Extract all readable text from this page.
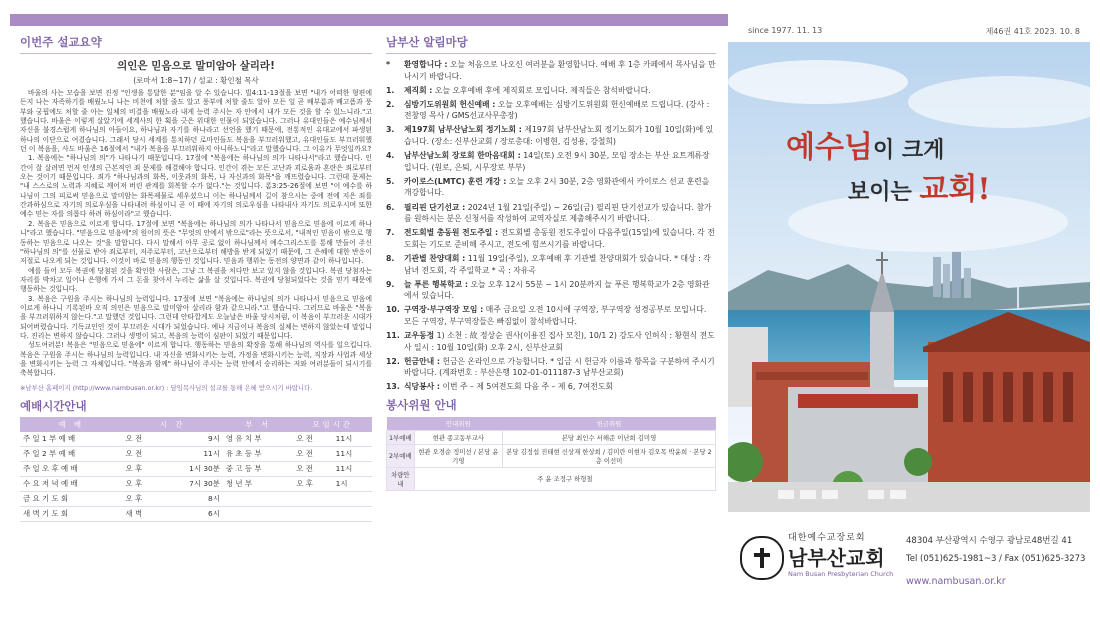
이번주 설교요약
의인은 믿음으로 말미암아 살리라!
(로마서 1:8~17) / 설교 : 황인철 목사

바울의 사는 모습을 보면 진정 "인생을 통달한 분"임을 알 수 있습니다. 빌4:11-13절을 보면 "내가 어떠한 형편에든지 나는 자족하기를 배웠노니 나는 비천에 처할 줄도 알고 풍부에 처할 줄도 알아 모든 일 곧 배부름과 배고픔과 풍부와 궁핍에도 처할 줄 아는 일체의 비결을 배웠노라 내게 능력 주시는 자 안에서 내가 모든 것을 할 수 있느니라."고 했습니다. 바울은 이렇게 살았기에 세계사의 한 획을 긋은 위대한 인물이 되었습니다. 그러나 유대인들은 예수님께서 자신을 불경스럽게 하나님의 아들이요, 하나님과 자기를 하나라고 선언을 했기 때문에, 전통적인 유대교에서 파생된 하나의 이단으로 여겼습니다. 그래서 당시 세계를 통치하던 로마인들도 복음을 부끄러워했고, 유대인들도 부끄러워했던 이 복음을, 사도 바울은 16절에서 "내가 복음을 부끄러워하지 아니하노니"라고 말했습니다. 그 이유가 무엇일까요?

1. 복음에는 "하나님의 의"가 나타나기 때문입니다. 17절에 "복음에는 하나님의 의가 나타나서"라고 했습니다. 인간이 잘 살려면 먼저 인생의 근본적인 죄 문제를 해결해야 합니다. 인간이 겪는 모든 고난과 괴로움과 혼란은 죄로부터 오는 것이기 때문입니다. 죄가 "하나님과의 화목, 이웃과의 화목, 나 자신과의 화목"을 깨뜨렸습니다. 그런데 문제는 "내 스스로의 노력과 지혜로 깨어져 버린 관계를 회복할 수가 없다."는 것입니다. 롬3:25-26절에 보면 "이 예수를 하나님이 그의 피로써 믿음으로 말미암는 화목제물로 세우셨으니 이는 하나님께서 길이 참으시는 중에 전에 지은 죄를 간과하심으로 자기의 의로우심을 나타내려 하심이니 곧 이 때에 자기의 의로우심을 나타내사 자기도 의로우시며 또한 예수 믿는 자를 의롭다 하려 하심이라"고 했습니다.

2. 복음은 믿음으로 이르게 합니다. 17절에 보면 "복음에는 하나님의 의가 나타나서 믿음으로 믿음에 이르게 하나니"라고 했습니다. "믿음으로 믿음에"의 원어의 뜻은 "무엇의 안에서 밖으로"라는 뜻으로서, "내적인 믿음이 밖으로 행동하는 믿음으로 나오는 것"을 말합니다. 다시 말해서 아무 공로 없이 하나님께서 예수그리스도를 통해 만들어 주신 "하나님의 의"를 선물로 받아 죄로부터, 저주로부터, 고난으로부터 해방을 받게 되었기 때문에, 그 은혜에 대한 반응이 저절로 나오게 되는 것입니다. 이것이 바로 믿음의 행동인 것입니다. 믿음과 행위는 동전의 양면과 같이 하나입니다.

예를 들어 모두 복권에 당첨된 것을 확인한 사람은, 그냥 그 복권을 처다만 보고 있지 않을 것입니다. 복권 당첨자는 자리를 박차고 일어나 은행에 가서 그 돈을 찾아서 누리는 삶을 살 것입니다. 복권에 당첨되었다는 것을 믿기 때문에 행동하는 것입니다.

3. 복음은 구원을 주시는 하나님의 능력입니다. 17절에 보면 "복음에는 하나님의 의가 나타나서 믿음으로 믿음에 이르게 하나니 기록된바 오직 의인은 믿음으로 말미암아 살리라 함과 같으니라."고 했습니다. 그러므로 바울은 "복음을 부끄러워하지 않는다."고 말했던 것입니다. 그런데 안타깝게도 오늘날은 바울 당시처럼, 이 복음이 부끄러운 시대가 되어버렸습니다. 기독교인인 것이 부끄러운 시대가 되었습니다. 예나 지금이나 복음의 실체는 변하지 않았는데 말입니다. 진리는 변하지 않습니다. 그러나 생명이 되고, 복음의 능력이 심판이 되었기 때문입니다.

성도여러분! 복음은 "믿음으로 믿음에" 이르게 합니다. 행동하는 믿음의 확장을 통해 하나님의 역사를 일으킵니다. 복음은 구원을 주시는 하나님의 능력입니다. 내 자신을 변화시키는 능력, 가정을 변화시키는 능력, 직장과 사업과 세상을 변화시키는 능력 그 자체입니다. "복음과 함께" 하나님이 주시는 능력 안에서 승리하는 저와 여러분들이 되시기를 축복합니다.

※남부산 홈페이지 (http://www.nambusan.or.kr) : 담임목사님의 설교를 통해 은혜 받으시기 바랍니다.
예배시간안내
예 배	시 간		부 서	모임시간	
주 일 1 부 예 배	오 전	9시	영 유 치 부	오 전	11시
주 일 2 부 예 배	오 전	11시	유 초 등 부	오 전	11시
주 일 오 후 예 배	오 후	1시 30분	중 고 등 부	오 전	11시
수 요 저 녁 예 배	오 후	7시 30분	청 년 부	오 후	1시
금 요 기 도 회	오 후	8시			
새 벽 기 도 회	새 벽	6시			
남부산 알림마당
*	환영합니다 : 오늘 처음으로 나오신 여러분을 환영합니다. 예배 후 1층 카페에서 목사님을 만나시기 바랍니다.
1.	제직회 : 오늘 오후예배 후에 제직회로 모입니다. 제직들은 참석바랍니다.
2.	심방기도위원회 헌신예배 : 오늘 오후예배는 심방기도위원회 헌신예배로 드립니다. (강사 : 전창영 목사 / GMS선교사무총장)
3.	제197회 남부산남노회 정기노회 : 제197회 남부산남노회 정기노회가 10월 10일(화)에 있습니다. (장소: 신부산교회 / 장로총대: 이병현, 김성용, 강철희)
4.	남부산남노회 장로회 한마음대회 : 14일(토) 오전 9시 30분, 모임 장소는 부산 요트계류장입니다. (원로, 은퇴, 시무장로 부부)
5.	카이로스(LMTC) 훈련 개강 : 오늘 오후 2시 30분, 2층 영화관에서 카이로스 선교 훈련을 개강합니다.
6.	필리핀 단기선교 : 2024년 1월 21일(주일) ~ 26일(금) 필리핀 단기선교가 있습니다. 참가를 원하시는 분은 신청서를 작성하여 교역자실로 제출해주시기 바랍니다.
7.	전도회별 총동원 전도주일 : 전도회별 총동원 전도주일이 다음주일(15일)에 있습니다. 각 전도회는 기도로 준비해 주시고, 전도에 힘쓰시기를 바랍니다.
8.	기관별 찬양대회 : 11월 19일(주일), 오후예배 후 기관별 찬양대회가 있습니다. * 대상 : 각 남녀 전도회, 각 주일학교 * 곡 : 자유곡
9.	늘 푸른 행복학교 : 오늘 오후 12시 55분 ~ 1시 20분까지 늘 푸른 행복학교가 2층 영화관에서 있습니다.
10. 구역장·부구역장 모임 : 매주 금요일 오전 10시에 구역장, 부구역장 성경공부로 모입니다. 모든 구역장, 부구역장들은 빠짐없이 참석바랍니다.
11. 교우동정 1) 소천 : 故 정상순 권사(이용진 집사 모친), 10/1 2) 강도사 인허식 : 황현식 전도사 일시 : 10월 10일(화) 오후 2시, 신부산교회
12. 헌금안내 : 헌금은 온라인으로 가능합니다. * 입금 시 헌금자 이름과 항목을 구분하여 주시기 바랍니다. (계좌번호 : 부산은행 102-01-011187-3 남부산교회)
13. 식당봉사 : 이번 주 – 제 5여전도회 다음 주 – 제 6, 7여전도회
봉사위원 안내
	안내위원	헌금위원
1부예배	현관 종고동부교사	본당 최인수 서해준 이난희 김미영
2부예배	현관 오경순 정미선 / 본당 윤기영	본당 김정섭 진태현 신상재 한상희 / 김미란 이현자 김오목 박윤희 · 본당 2층 이선미
차량안내	주 윤 조정구 하형철	
since 1977. 11. 13	제46권 41호 2023. 10. 8
예수님이 크게
보이는 교회!
대한예수교장로회
남부산교회
Nam Busan Presbyterian Church
48304 부산광역시 수영구 광남로48번길 41
Tel (051)625-1981~3 / Fax (051)625-3273
www.nambusan.or.kr
